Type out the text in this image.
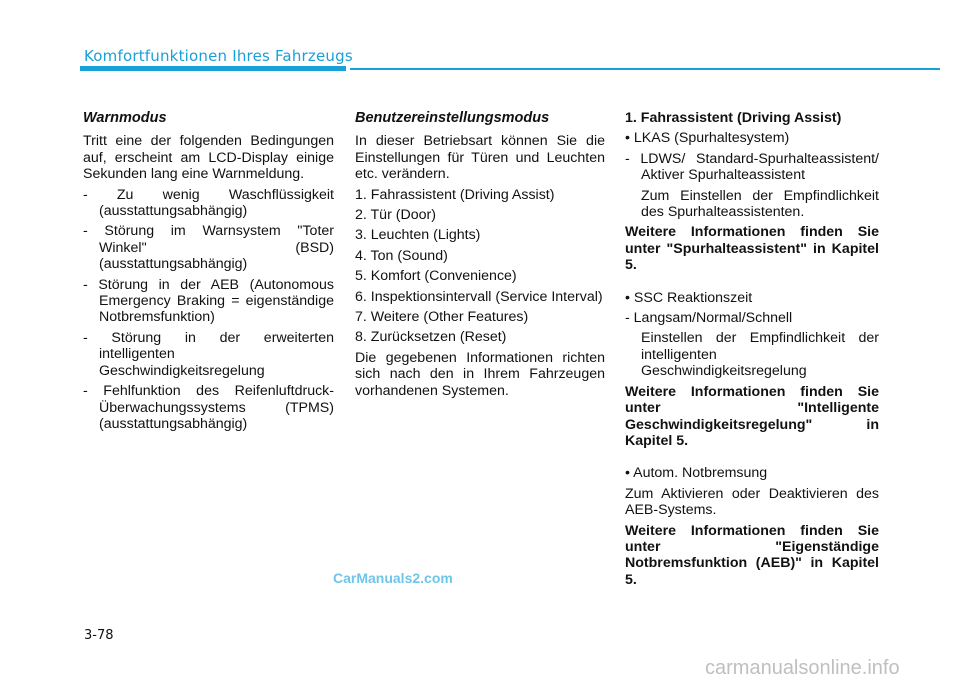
Komfortfunktionen Ihres Fahrzeugs
Warnmodus

Tritt eine der folgenden Bedingungen auf, erscheint am LCD-Display einige Sekunden lang eine Warnmeldung.

- Zu wenig Waschflüssigkeit (ausstattungsabhängig)
- Störung im Warnsystem "Toter Winkel" (BSD) (ausstattungsabhängig)
- Störung in der AEB (Autonomous Emergency Braking = eigenständige Notbremsfunktion)
- Störung in der erweiterten intelligenten Geschwindigkeitsregelung
- Fehlfunktion des Reifenluftdruck-Überwachungssystems (TPMS) (ausstattungsabhängig)
Benutzereinstellungsmodus

In dieser Betriebsart können Sie die Einstellungen für Türen und Leuchten etc. verändern.

1. Fahrassistent (Driving Assist)
2. Tür (Door)
3. Leuchten (Lights)
4. Ton (Sound)
5. Komfort (Convenience)
6. Inspektionsintervall (Service Interval)
7. Weitere (Other Features)
8. Zurücksetzen (Reset)

Die gegebenen Informationen richten sich nach den in Ihrem Fahrzeugen vorhandenen Systemen.

1. Fahrassistent (Driving Assist)
• LKAS (Spurhaltesystem)
- LDWS/ Standard-Spurhalteassistent/ Aktiver Spurhalteassistent
Zum Einstellen der Empfindlichkeit des Spurhalteassistenten.

Weitere Informationen finden Sie unter "Spurhalteassistent" in Kapitel 5.

• SSC Reaktionszeit
- Langsam/Normal/Schnell
Einstellen der Empfindlichkeit der intelligenten Geschwindigkeitsregelung

Weitere Informationen finden Sie unter "Intelligente Geschwindigkeitsregelung" in Kapitel 5.

• Autom. Notbremsung

Zum Aktivieren oder Deaktivieren des AEB-Systems.

Weitere Informationen finden Sie unter "Eigenständige Notbremsfunktion (AEB)" in Kapitel 5.

CarManuals2.com
3-78
carmanualsonline.info
